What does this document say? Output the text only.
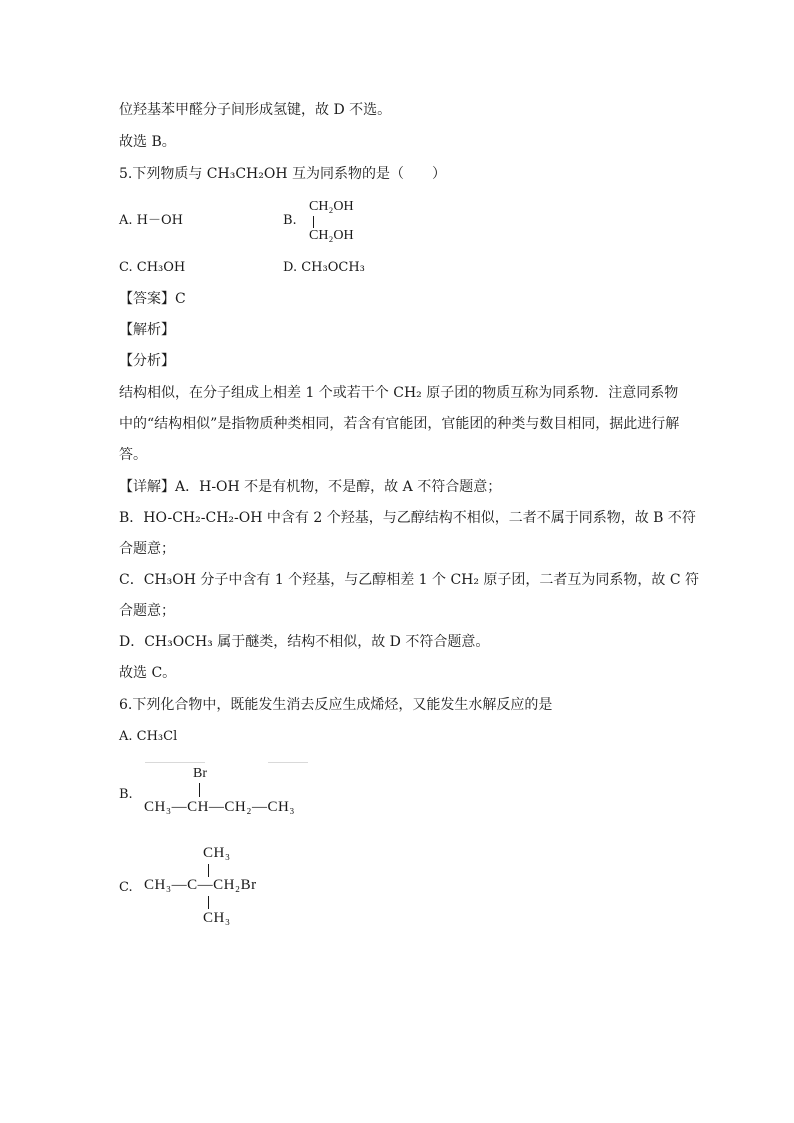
位羟基苯甲醛分子间形成氢键，故 D 不选。
故选 B。
5.下列物质与 CH₃CH₂OH 互为同系物的是（　　）
A. H－OH	B.
CH₂OH
CH₂OH
C. CH₃OH	D. CH₃OCH₃
【答案】C
【解析】
【分析】
结构相似，在分子组成上相差 1 个或若干个 CH₂ 原子团的物质互称为同系物．注意同系物
中的“结构相似”是指物质种类相同，若含有官能团，官能团的种类与数目相同，据此进行解
答。
【详解】A．H-OH 不是有机物，不是醇，故 A 不符合题意；
B．HO-CH₂-CH₂-OH 中含有 2 个羟基，与乙醇结构不相似，二者不属于同系物，故 B 不符
合题意；
C．CH₃OH 分子中含有 1 个羟基，与乙醇相差 1 个 CH₂ 原子团，二者互为同系物，故 C 符
合题意；
D．CH₃OCH₃ 属于醚类，结构不相似，故 D 不符合题意。
故选 C。
6.下列化合物中，既能发生消去反应生成烯烃，又能发生水解反应的是
A. CH₃Cl
Br
B.
CH₃—CH—CH₂—CH₃
CH₃
C. CH₃—C—CH₂Br
CH₃
